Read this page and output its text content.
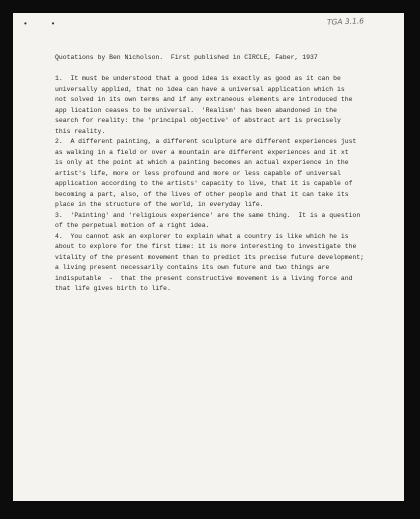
• •	TGA 3.1.6
Quotations by Ben Nicholson.  First published in CIRCLE, Faber, 1937
1.  It must be understood that a good idea is exactly as good as it can be
universally applied, that no idea can have a universal application which is
not solved in its own terms and if any extraneous elements are introduced the
app lication ceases to be universal.  'Realism' has been abandoned in the
search for reality: the 'principal objective' of abstract art is precisely
this reality.
2.  A different painting, a different sculpture are different experiences just
as walking in a field or over a mountain are different experiences and it xt
is only at the point at which a painting becomes an actual experience in the
artist's life, more or less profound and more or less capable of universal
application according to the artists' capacity to live, that it is capable of
becoming a part, also, of the lives of other people and that it can take its
place in the structure of the world, in everyday life.
3.  'Painting' and 'religious experience' are the same thing.  It is a question
of the perpetual motion of a right idea.
4.  You cannot ask an explorer to explain what a country is like which he is
about to explore for the first time: it is more interesting to investigate the
vitality of the present movement than to predict its precise future development;
a living present necessarily contains its own future and two things are
indisputable  -  that the present constructive movement is a living force and
that life gives birth to life.
